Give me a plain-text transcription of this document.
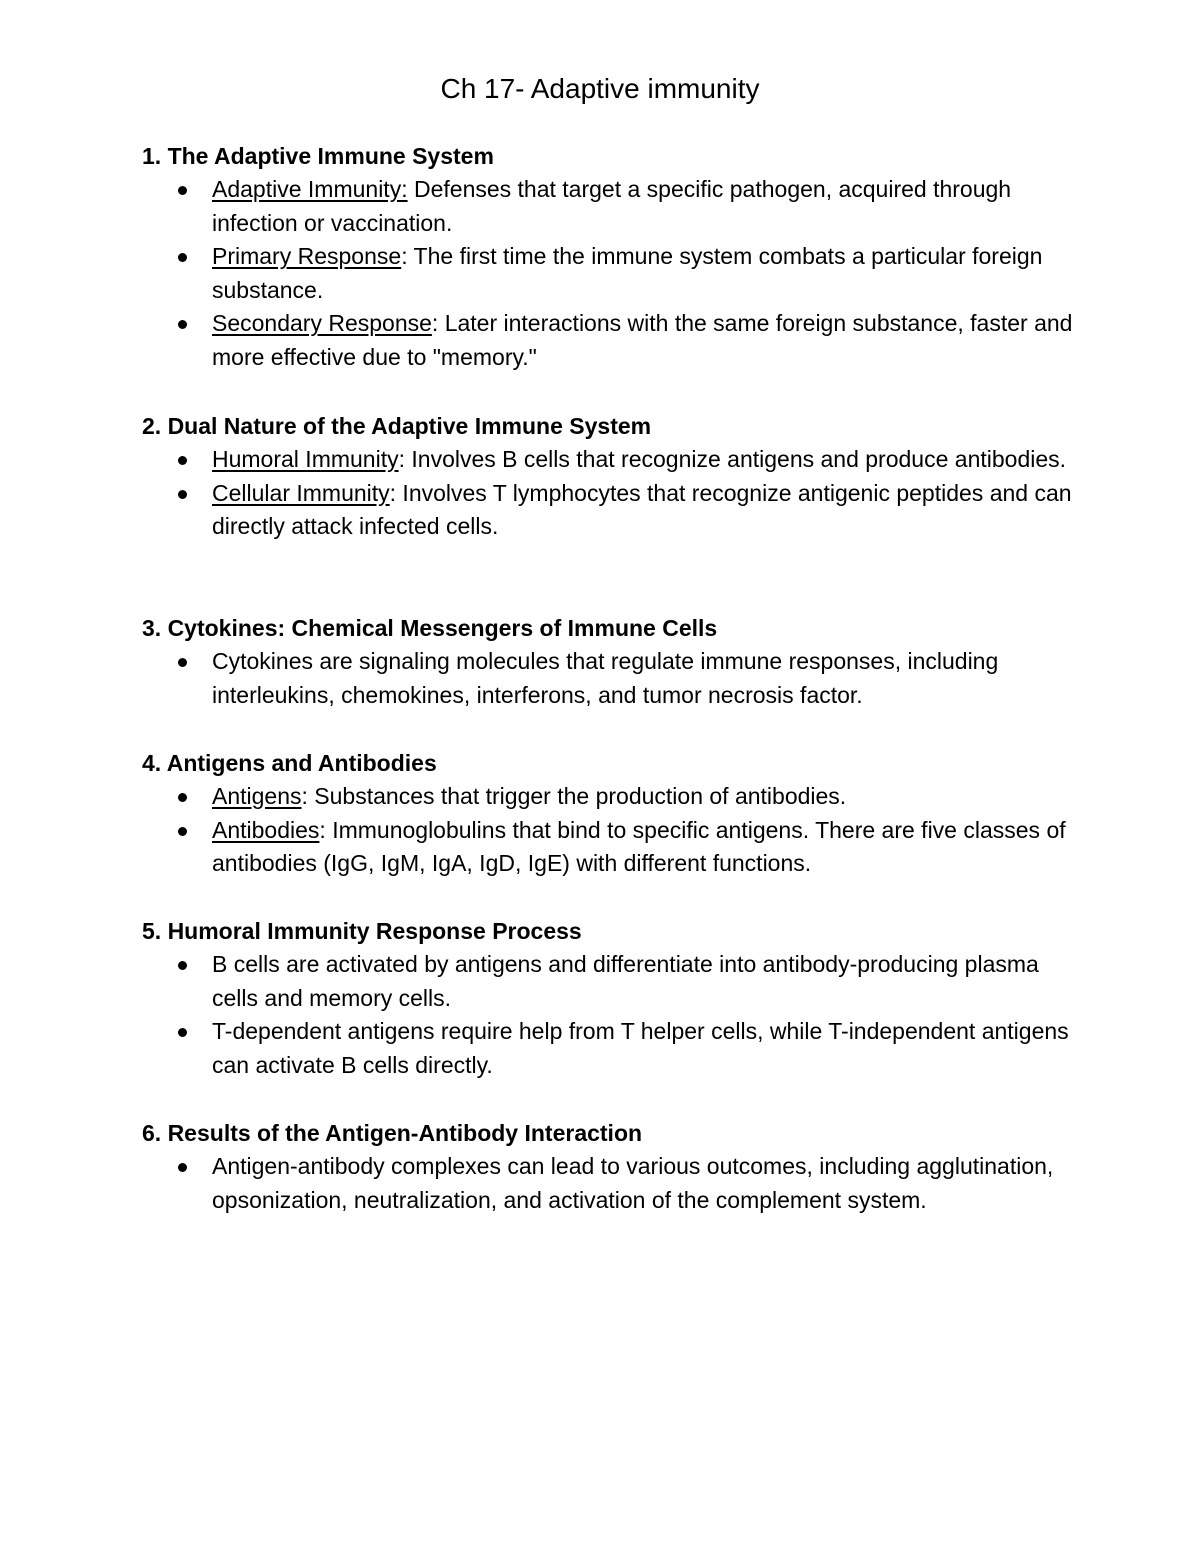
Ch 17- Adaptive immunity
1. The Adaptive Immune System
Adaptive Immunity: Defenses that target a specific pathogen, acquired through infection or vaccination.
Primary Response: The first time the immune system combats a particular foreign substance.
Secondary Response: Later interactions with the same foreign substance, faster and more effective due to "memory."
2. Dual Nature of the Adaptive Immune System
Humoral Immunity: Involves B cells that recognize antigens and produce antibodies.
Cellular Immunity: Involves T lymphocytes that recognize antigenic peptides and can directly attack infected cells.
3. Cytokines: Chemical Messengers of Immune Cells
Cytokines are signaling molecules that regulate immune responses, including interleukins, chemokines, interferons, and tumor necrosis factor.
4. Antigens and Antibodies
Antigens: Substances that trigger the production of antibodies.
Antibodies: Immunoglobulins that bind to specific antigens. There are five classes of antibodies (IgG, IgM, IgA, IgD, IgE) with different functions.
5. Humoral Immunity Response Process
B cells are activated by antigens and differentiate into antibody-producing plasma cells and memory cells.
T-dependent antigens require help from T helper cells, while T-independent antigens can activate B cells directly.
6. Results of the Antigen-Antibody Interaction
Antigen-antibody complexes can lead to various outcomes, including agglutination, opsonization, neutralization, and activation of the complement system.
